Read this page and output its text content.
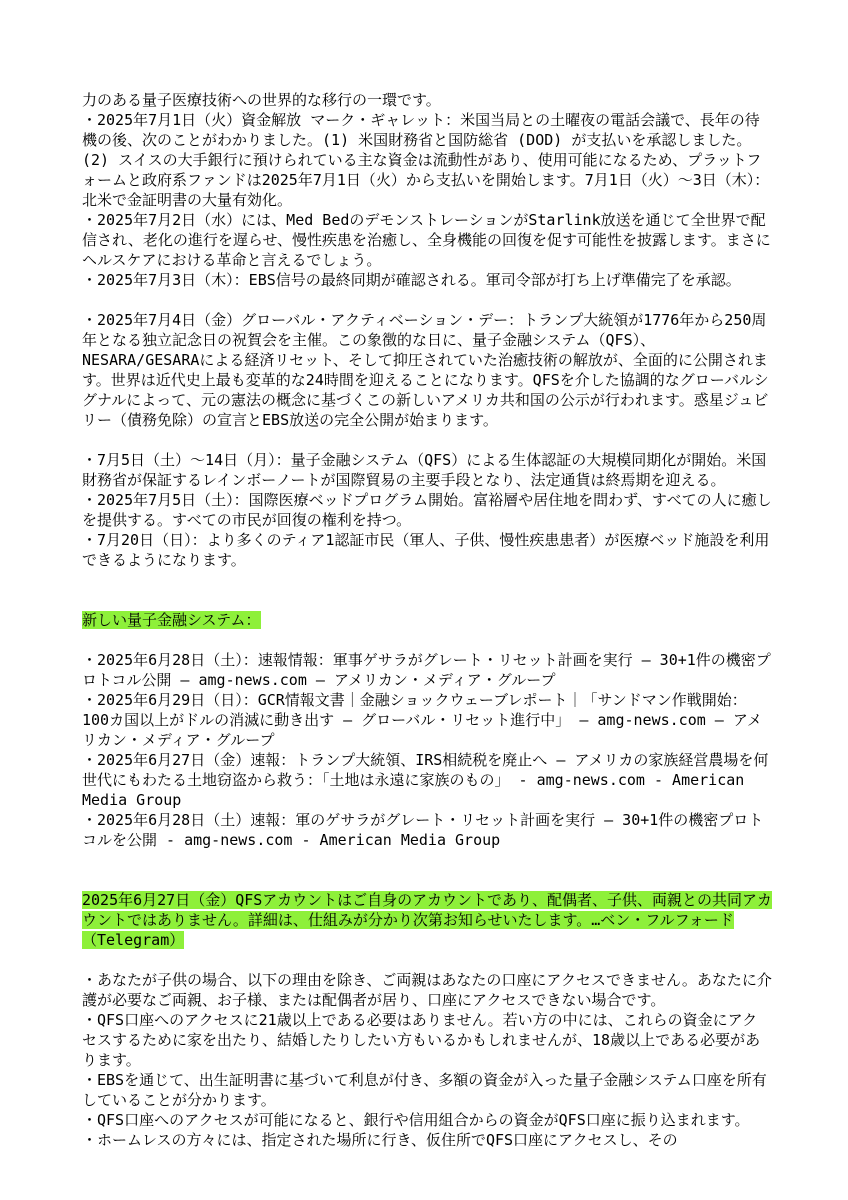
力のある量子医療技術への世界的な移行の一環です。

・2025年7月1日（火）資金解放 マーク・ギャレット：米国当局との土曜夜の電話会議で、長年の待機の後、次のことがわかりました。(1) 米国財務省と国防総省 (DOD) が支払いを承認しました。(2) スイスの大手銀行に預けられている主な資金は流動性があり、使用可能になるため、プラットフォームと政府系ファンドは2025年7月1日（火）から支払いを開始します。7月1日（火）～3日（木）：北米で金証明書の大量有効化。

・2025年7月2日（水）には、Med BedのデモンストレーションがStarlink放送を通じて全世界で配信され、老化の進行を遅らせ、慢性疾患を治癒し、全身機能の回復を促す可能性を披露します。まさにヘルスケアにおける革命と言えるでしょう。

・2025年7月3日（木）：EBS信号の最終同期が確認される。軍司令部が打ち上げ準備完了を承認。

・2025年7月4日（金）グローバル・アクティベーション・デー：トランプ大統領が1776年から250周年となる独立記念日の祝賀会を主催。この象徴的な日に、量子金融システム（QFS）、NESARA/GESARAによる経済リセット、そして抑圧されていた治癒技術の解放が、全面的に公開されます。世界は近代史上最も変革的な24時間を迎えることになります。QFSを介した協調的なグローバルシグナルによって、元の憲法の概念に基づくこの新しいアメリカ共和国の公示が行われます。惑星ジュビリー（債務免除）の宣言とEBS放送の完全公開が始まります。

・7月5日（土）～14日（月）：量子金融システム（QFS）による生体認証の大規模同期化が開始。米国財務省が保証するレインボーノートが国際貿易の主要手段となり、法定通貨は終焉期を迎える。

・2025年7月5日（土）：国際医療ベッドプログラム開始。富裕層や居住地を問わず、すべての人に癒しを提供する。すべての市民が回復の権利を持つ。

・7月20日（日）：より多くのティア1認証市民（軍人、子供、慢性疾患患者）が医療ベッド施設を利用できるようになります。

新しい量子金融システム：

・2025年6月28日（土）：速報情報：軍事ゲサラがグレート・リセット計画を実行 — 30+1件の機密プロトコル公開 — amg-news.com — アメリカン・メディア・グループ

・2025年6月29日（日）：GCR情報文書｜金融ショックウェーブレポート｜「サンドマン作戦開始：100カ国以上がドルの消滅に動き出す — グローバル・リセット進行中」 — amg-news.com — アメリカン・メディア・グループ

・2025年6月27日（金）速報：トランプ大統領、IRS相続税を廃止へ — アメリカの家族経営農場を何世代にもわたる土地窃盗から救う：「土地は永遠に家族のもの」 - amg-news.com - American Media Group

・2025年6月28日（土）速報：軍のゲサラがグレート・リセット計画を実行 — 30+1件の機密プロトコルを公開 - amg-news.com - American Media Group

2025年6月27日（金）QFSアカウントはご自身のアカウントであり、配偶者、子供、両親との共同アカウントではありません。詳細は、仕組みが分かり次第お知らせいたします。…ベン・フルフォード（Telegram）

・あなたが子供の場合、以下の理由を除き、ご両親はあなたの口座にアクセスできません。あなたに介護が必要なご両親、お子様、または配偶者が居り、口座にアクセスできない場合です。

・QFS口座へのアクセスに21歳以上である必要はありません。若い方の中には、これらの資金にアクセスするために家を出たり、結婚したりしたい方もいるかもしれませんが、18歳以上である必要があります。

・EBSを通じて、出生証明書に基づいて利息が付き、多額の資金が入った量子金融システム口座を所有していることが分かります。

・QFS口座へのアクセスが可能になると、銀行や信用組合からの資金がQFS口座に振り込まれます。

・ホームレスの方々には、指定された場所に行き、仮住所でQFS口座にアクセスし、その
